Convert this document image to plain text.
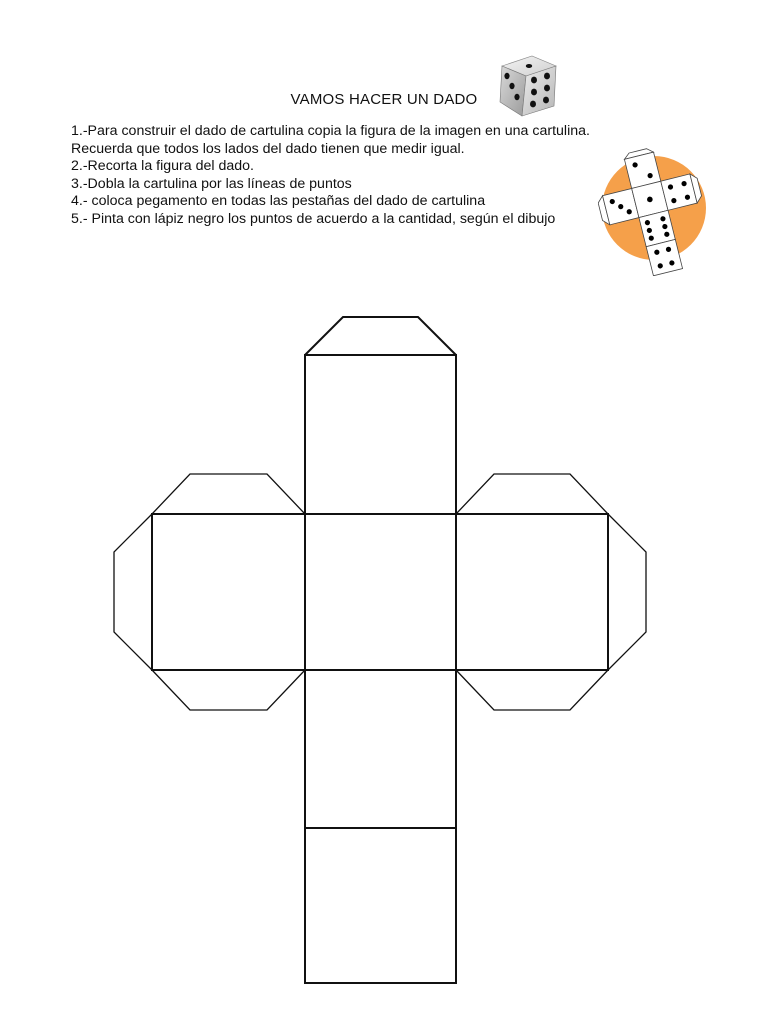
VAMOS HACER UN DADO
1.-Para construir el dado de cartulina copia la figura de la imagen en una cartulina.
Recuerda que todos los lados del dado tienen que medir igual.
2.-Recorta la figura del dado.
3.-Dobla la cartulina por las líneas de puntos
4.- coloca pegamento en todas las pestañas del dado de cartulina
5.- Pinta con lápiz negro los puntos de acuerdo a la cantidad, según el dibujo
